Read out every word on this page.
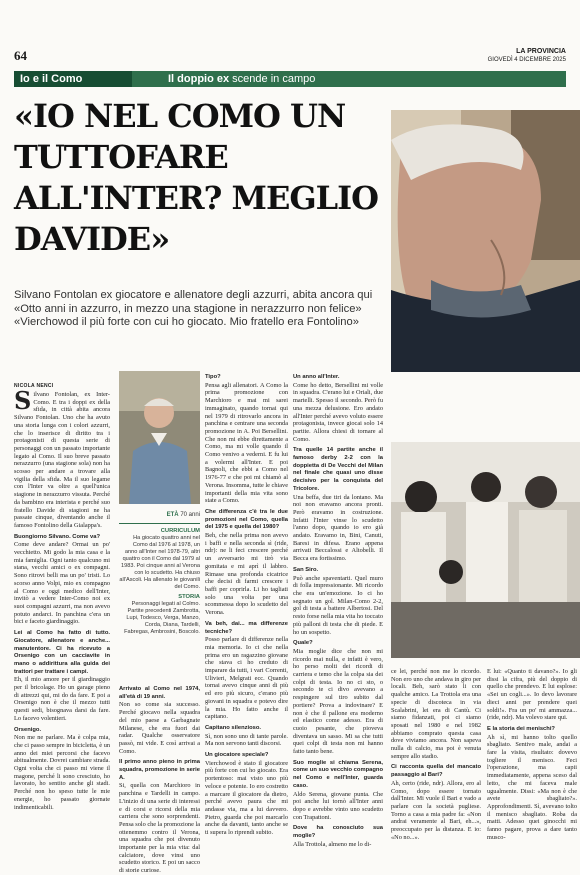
64	LA PROVINCIA
GIOVEDÌ 4 DICEMBRE 2025
Io e il Como	Il doppio ex scende in campo
«IO NEL COMO UN TUTTOFARE ALL'INTER? MEGLIO DAVIDE»
Silvano Fontolan ex giocatore e allenatore degli azzurri, abita ancora qui «Otto anni in azzurro, in mezzo una stagione in nerazzurro non felice» «Vierchowod il più forte con cui ho giocato. Mio fratello era Fontolino»
NICOLA NENCI

Silvano Fontolan, ex Inter-Como. E tra i doppi ex della sfida, in città abita ancora Silvano Fontolan. Uno che ha avuto una storia lunga con i colori azzurri, che lo inserisce di diritto tra i protagonisti di questa serie di personaggi con un passato importante legato al Como. Il suo breve passato nerazzurro (una stagione sola) non ha scosso per andare a trovare alla vigilia della sfida. Ma il suo legame con l'Inter va oltre a quell'unica stagione in nerazzurro vissuta. Perché da bambino era interista e perché suo fratello Davide di stagioni ne ha passate cinque, diventando anche il famoso Fontolino della Gialappa's.

Buongiorno Silvano. Come va?

Come deve andare? Ormai un po' vecchietto. Mi godo la mia casa e la mia famiglia. Ogni tanto qualcuno mi stana, vecchi amici o ex compagni. Sono ritrovi belli ma un po' tristi. Lo scorso anno Volpi, mio ex compagno al Como e oggi medico dell'Inter, invitò a vedere Inter-Como noi ex suoi compagni azzurri, ma non avevo potuto andarci. In panchina c'era un bici e faceto giardinaggio.

Lei al Como ha fatto di tutto. Giocatore, allenatore e anche... manutentore. Ci ha ricevuto a Orsenigo con un cacciavite in mano o addirittura alla guida dei trattori per trattare i campi.

Eh, il mio amore per il giardinaggio per il bricolage. Ho un garage pieno di attrezzi qui, mi do da fare. E poi a Orsenigo non è che il mezzo tutti questi sedi, bisognava darsi da fare. Lo facevo volentieri.

Orsenigo.

Non me ne parlare. Ma è colpa mia, che ci passo sempre in bicicletta, è un anno dei miei percorsi che facevo abitualmente. Dovrei cambiare strada. Ogni volta che ci passo mi viene il magone, perché li sono cresciuto, ho lavorato, ho sentito anche gli stadi. Perché non ho speso tutte le mie energie, ho passato giornate indimenticabili.

ETÀ 70 anni
CURRICULUM
Ha giocato quattro anni nel Como dal 1976 al 1978, un anno all'Inter nel 1978-79, altri quattro con il Como dal 1979 al 1983. Poi cinque anni al Verona con lo scudetto. Ha chiuso all'Ascoli. Ha allenato le giovanili del Como.
STORIA
Personaggi legati al Colmo. Partite precedenti Zambrotta, Lupi, Todesco, Verga, Manzo, Corda, Diana, Tardelli, Fabregas, Ambrosini, Boscolo.

Arrivato al Como nel 1974, all'età di 19 anni.

Non so come sia successo. Perché giocavo nella squadra del mio paese a Garbagnate Milanese, che era fuori dai radar. Qualche osservatore passò, mi vide. E così arrivai a Como.

Il primo anno pieno in prima squadra, promozione in serie A.

Si, quella con Marchioro in panchina e Tardelli in campo. L'inizio di una serie di interessi e di corsi e ricorsi della mia carriera che sono sorprendenti. Pensa solo che la promozione la ottenemmo contro il Verona, una squadra che poi divenuto importante per la mia vita: dal calciatore, dove vinsi uno scudetto storico. E poi un sacco di storie curiose.

Tipo?

Pensa agli allenatori. A Como la prima promozione con Marchioro e mai mi sarei immaginato, quando tornai qui nel 1979 di ritrovarlo ancora in panchina e centrare una seconda promozione in A. Poi Bersellini. Che non mi ebbe direttamente a Como, ma mi volle quando il Como venivo a vederni. E fu lui a volermi all'Inter. E poi Bagnoli, che ebbi a Como nel 1976-77 e che poi mi chiamò al Verona. Insomma, tutte le chiave importanti della mia vita sono state a Como.

Che differenza c'è tra le due promozioni nel Como, quella del 1975 e quella del 1980?

Beh, che nella prima non avevo i baffi e nella seconda sì (ride, ndr): ne li feci crescere perché un avversario mi tirò via gomitata e mi aprì il labbro. Rimase una profonda cicatrice che decisi di farmi crescere i baffi per coprirla. Li ho tagliati solo una volta per una scommessa dopo lo scudetto del Verona.

Va beh, dai... ma differenze tecniche?

Posso parlare di differenze nella mia memoria. Io ci che nella prima ero un ragazzino giovane che stava ci ho creduto di imparare da tutti, i vari Correnti, Ulivieri, Melgrati ecc. Quando tornai avevo cinque anni di più ed ero più sicuro, c'erano più giovani in squadra e potevo dire la mia. Ho fatto anche il capitano.

Capitano silenzioso.

Sì, non sono uno di tante parole. Ma non servono tanti discorsi.

Un giocatore speciale?

Vierchowod è stato il giocatore più forte con cui ho giocato. Era portentoso: mai visto uno più veloce e potente. Io ero costretto a marcare il giocatore da dietro, perché avevo paura che mi andasse via, ma a lui davvero. Pietro, guarda che poi marcarlo anche da davanti, tanto anche se ti supera lo riprendi subito.

Un anno all'Inter.

Come ho detto, Bersellini mi volle in squadra. C'erano lui e Oriali, due martelli. Spesso il secondo. Però fu una mezza delusione. Ero andato all'Inter perché avevo voluto essere protagonista, invece giocai solo 14 partite. Allora chiesi di tornare al Como.

Tra quelle 14 partite anche il famoso derby 2-2 con la doppietta di De Vecchi del Milan nel finale che quasi uno disse decisivo per la conquista del Tricolore.

Una beffa, due tiri da lontano. Ma noi non eravamo ancora pronti. Però eravamo in costruzione. Infatti l'Inter vinse lo scudetto l'anno dopo, quando io ero già andato. Eravamo in, Bini, Canuti, Baresi in difesa. Erano appena arrivati Beccalossi e Altobelli. Il Becca era fortissimo.

San Siro.

Può anche spaventarti. Quel muro di folla impressionante. Mi ricordo che era un'emozione. Io ci ho segnato un gol. Milan-Como 2-2, gol di testa a battere Albertosi. Del resto forse nella mia vita ho toccato più palloni di testa che di piede. E ho un sospetto.

Quale?

Mia moglie dice che non mi ricordo mai nulla, e infatti è vero, ho perso molti dei ricordi di carriera e temo che la colpa sia dei colpi di testa. Io no ci sto, o secondo te ci divo avevano a respingere sul tiro subito dal portiere? Prova a indovinare? E non è che il pallone era moderno ed elastico come adesso. Era di cuoio pesante, che pioveva diventava un sasso. Mi sa che tutti quei colpi di testa non mi hanno fatto tanto bene.

Suo moglie si chiama Serena, come un suo vecchio compagno nel Como e nell'Inter, guarda caso.

Aldo Serena, giovane punta. Che poi anche lui tornò all'Inter anni dopo e avrebbe vinto uno scudetto con Trapattoni.

Dove ha conosciuto sua moglie?

Alla Trottola, almeno me lo di-

ce lei, perché non me lo ricordo. Non ero uno che andava in giro per locali. Beh, sarò stato li con qualche amico. La Trottola era una specie di discoteca in via Scalabrini, lei era di Cantù. Ci siamo fidanzati, poi ci siamo sposati nel 1980 e nel 1982 abbiamo comprato questa casa dove viviamo ancora. Non sapeva nulla di calcio, ma poi è venuta sempre allo stadio.

Ci racconta quella del mancato passaggio al Bari?

Ah, certo (ride, ndr). Allora, ero al Como, dopo essere tornato dall'Inter. Mi vuole il Bari e vado a parlare con la società pugliese. Torno a casa a mia padre fa: «Non andrai veramente al Bari, eh...», preoccupato per la distanza. E io: «No no...».

E lui: «Quanto ti davano?». Io gli dissi la cifra, più del doppio di quello che prendevo. E lui esplose: «Sei un cogli...». Io devo lavorare dieci anni per prendere quei soldi!». Fra un po' mi ammazza... (ride, ndr). Ma volevo stare qui.

E la storia dei menischi?

Ah sì, mi hanno tolto quello sbagliato. Sentivo male, andai a fare la visita, risultato: dovevo togliere il menisco. Feci l'operazione, ma capii immediatamente, appena sceso dal letto, che mi faceva male ugualmente. Dissi: «Ma non è che avete sbagliato?». Approfondimenti. Sì, avevano tolto il menisco sbagliato. Roba da matti. Adesso quei ginocchi mi fanno pagare, prova a dare tanto musco-
